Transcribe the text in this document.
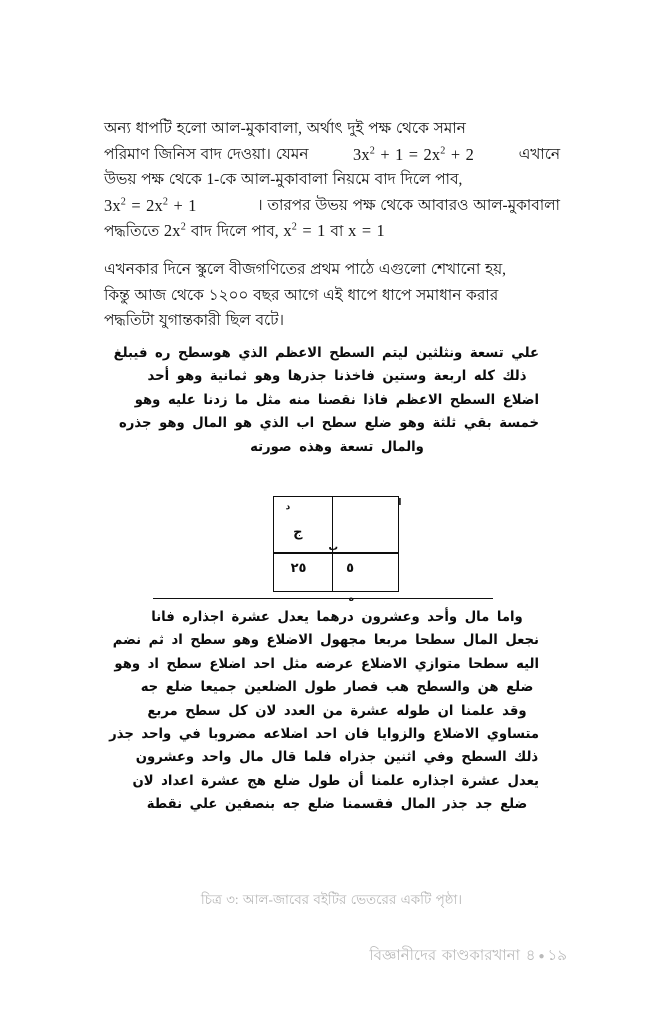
অন্য ধাপটি হলো আল-মুকাবালা, অর্থাৎ দুই পক্ষ থেকে সমান
পরিমাণ জিনিস বাদ দেওয়া। যেমন	$3x^2 + 1 = 2x^2 + 2$	এখানে
উভয় পক্ষ থেকে 1-কে আল-মুকাবালা নিয়মে বাদ দিলে পাব,
$3x^2 = 2x^2 + 1$	। তারপর উভয় পক্ষ থেকে আবারও আল-মুকাবালা
পদ্ধতিতে $2x^2$ বাদ দিলে পাব, $x^2 = 1$ বা x = 1
এখনকার দিনে স্কুলে বীজগণিতের প্রথম পাঠে এগুলো শেখানো হয়,
কিন্তু আজ থেকে ১২০০ বছর আগে এই ধাপে ধাপে সমাধান করার
পদ্ধতিটা যুগান্তকারী ছিল বটে।
علي تسعة ونثلثين ليتم السطح الاعظم الذي هوسطح ره فيبلغ
ذلك كله اربعة وستين فاخذنا جذرها وهو ثمانية وهو أحد
اضلاع السطح الاعظم فاذا نقصنا منه مثل ما زدنا عليه وهو
خمسة بقي ثلثة وهو ضلع سطح اب الذي هو المال وهو جذره
والمال تسعة وهذه صورته
د	ا
ج
ب
٢٥	٥
ه
واما مال وأحد وعشرون درهما يعدل عشرة اجذاره فانا
نجعل المال سطحا مربعا مجهول الاضلاع وهو سطح اد ثم نضم
اليه سطحا متوازي الاضلاع عرضه مثل احد اضلاع سطح اد وهو
ضلع هن والسطح هب فصار طول الضلعين جميعا ضلع جه
وقد علمنا ان طوله عشرة من العدد لان كل سطح مربع
متساوي الاضلاع والزوايا فان احد اضلاعه مضروبا في واحد جذر
ذلك السطح وفي اثنين جذراه فلما قال مال واحد وعشرون
يعدل عشرة اجذاره علمنا أن طول ضلع هج عشرة اعداد لان
ضلع جد جذر المال فقسمنا ضلع جه بنصفين علي نقطة
চিত্র ৩: আল-জাবের বইটির ভেতরের একটি পৃষ্ঠা।
বিজ্ঞানীদের কাণ্ডকারখানা ৪ ● ১৯
